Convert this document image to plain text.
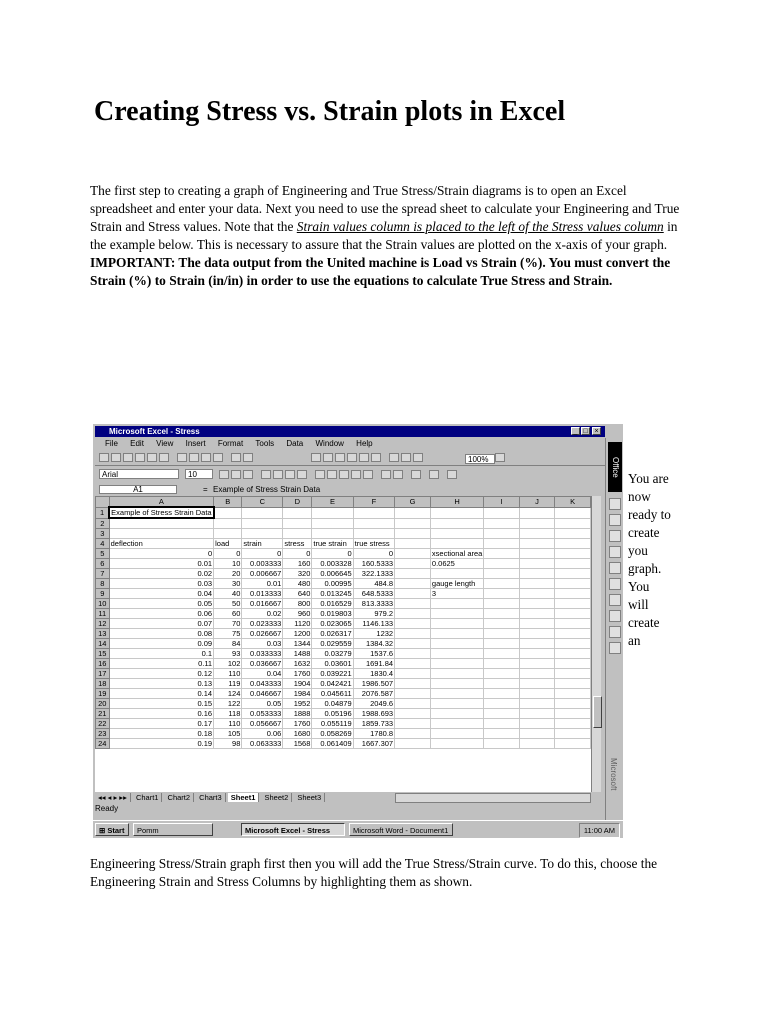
Creating Stress vs. Strain plots in Excel

The first step to creating a graph of Engineering and True Stress/Strain diagrams is to open an Excel spreadsheet and enter your data. Next you need to use the spread sheet to calculate your Engineering and True Strain and Stress values. Note that the Strain values column is placed to the left of the Stress values column in the example below. This is necessary to assure that the Strain values are plotted on the x-axis of your graph. IMPORTANT: The data output from the United machine is Load vs Strain (%). You must convert the Strain (%) to Strain (in/in) in order to use the equations to calculate True Stress and Strain.

Microsoft Excel - Stress	_ □ ×
File Edit View Insert Format Tools Data Window Help
Arial	10
100%
A1	= Example of Stress Strain Data
	A	B	C	D	E	F	G	H	I	J	K
1	Example of Stress Strain Data										
2											
3											
4	deflection	load	strain	stress	true strain	true stress					
5	0	0	0	0	0	0		xsectional area			
6	0.01	10	0.003333	160	0.003328	160.5333		0.0625			
7	0.02	20	0.006667	320	0.006645	322.1333					
8	0.03	30	0.01	480	0.00995	484.8		gauge length			
9	0.04	40	0.013333	640	0.013245	648.5333		3			
10	0.05	50	0.016667	800	0.016529	813.3333					
11	0.06	60	0.02	960	0.019803	979.2					
12	0.07	70	0.023333	1120	0.023065	1146.133					
13	0.08	75	0.026667	1200	0.026317	1232					
14	0.09	84	0.03	1344	0.029559	1384.32					
15	0.1	93	0.033333	1488	0.03279	1537.6					
16	0.11	102	0.036667	1632	0.03601	1691.84					
17	0.12	110	0.04	1760	0.039221	1830.4					
18	0.13	119	0.043333	1904	0.042421	1986.507					
19	0.14	124	0.046667	1984	0.045611	2076.587					
20	0.15	122	0.05	1952	0.04879	2049.6					
21	0.16	118	0.053333	1888	0.05196	1988.693					
22	0.17	110	0.056667	1760	0.055119	1859.733					
23	0.18	105	0.06	1680	0.058269	1780.8					
24	0.19	98	0.063333	1568	0.061409	1667.307					
◂◂ ◂ ▸ ▸▸ Chart1 Chart2 Chart3 Sheet1 Sheet2 Sheet3
Ready
Office
Microsoft
⊞ Start	Pomm	Microsoft Excel - Stress	Microsoft Word - Document1	11:00 AM
You are
now
ready to
create
you
graph.
You
will
create
an

Engineering Stress/Strain graph first then you will add the True Stress/Strain curve. To do this, choose the Engineering Strain and Stress Columns by highlighting them as shown.
